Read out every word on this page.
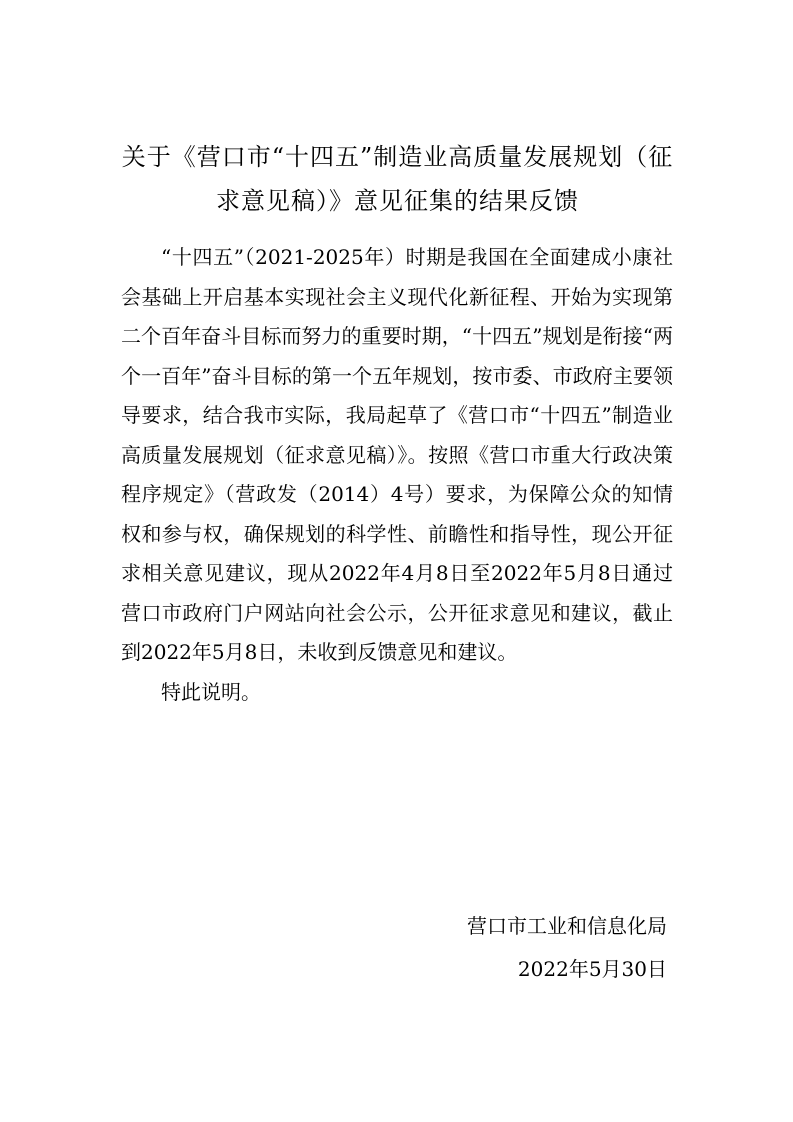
关于《营口市“十四五”制造业高质量发展规划（征求意见稿）》意见征集的结果反馈

“十四五”（2021-2025年）时期是我国在全面建成小康社会基础上开启基本实现社会主义现代化新征程、开始为实现第二个百年奋斗目标而努力的重要时期，“十四五”规划是衔接“两个一百年”奋斗目标的第一个五年规划，按市委、市政府主要领导要求，结合我市实际，我局起草了《营口市“十四五”制造业高质量发展规划（征求意见稿）》。按照《营口市重大行政决策程序规定》（营政发（2014）4号）要求，为保障公众的知情权和参与权，确保规划的科学性、前瞻性和指导性，现公开征求相关意见建议，现从2022年4月8日至2022年5月8日通过营口市政府门户网站向社会公示，公开征求意见和建议，截止到2022年5月8日，未收到反馈意见和建议。

特此说明。

营口市工业和信息化局
2022年5月30日
